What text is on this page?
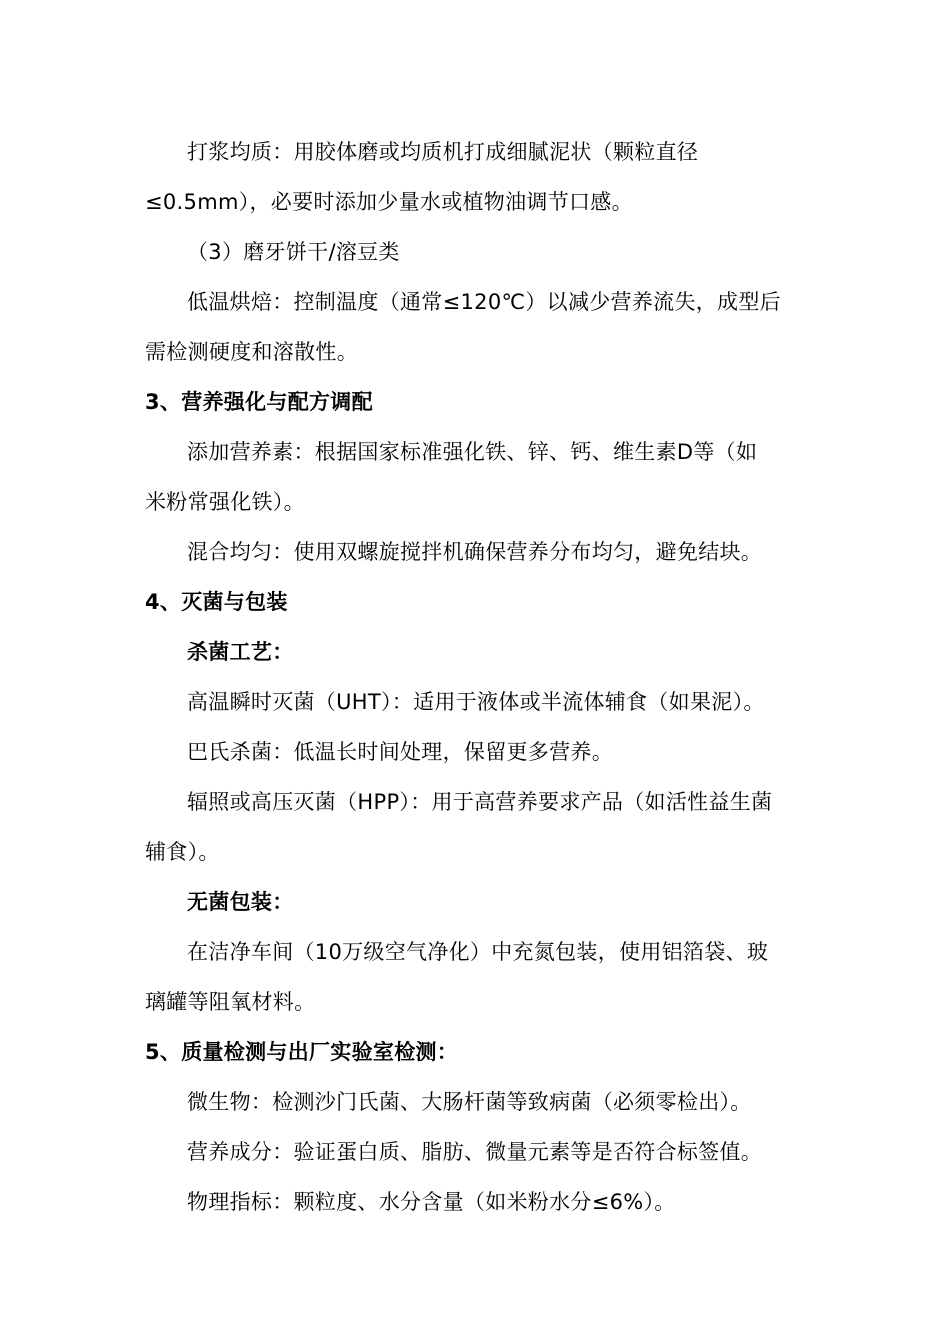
打浆均质：用胶体磨或均质机打成细腻泥状（颗粒直径

≤0.5mm），必要时添加少量水或植物油调节口感。

（3）磨牙饼干/溶豆类

低温烘焙：控制温度（通常≤120℃）以减少营养流失，成型后

需检测硬度和溶散性。

3、营养强化与配方调配

添加营养素：根据国家标准强化铁、锌、钙、维生素D等（如

米粉常强化铁）。

混合均匀：使用双螺旋搅拌机确保营养分布均匀，避免结块。

4、灭菌与包装

杀菌工艺：

高温瞬时灭菌（UHT）：适用于液体或半流体辅食（如果泥）。

巴氏杀菌：低温长时间处理，保留更多营养。

辐照或高压灭菌（HPP）：用于高营养要求产品（如活性益生菌

辅食）。

无菌包装：

在洁净车间（10万级空气净化）中充氮包装，使用铝箔袋、玻

璃罐等阻氧材料。

5、质量检测与出厂实验室检测：

微生物：检测沙门氏菌、大肠杆菌等致病菌（必须零检出）。

营养成分：验证蛋白质、脂肪、微量元素等是否符合标签值。

物理指标：颗粒度、水分含量（如米粉水分≤6%）。
